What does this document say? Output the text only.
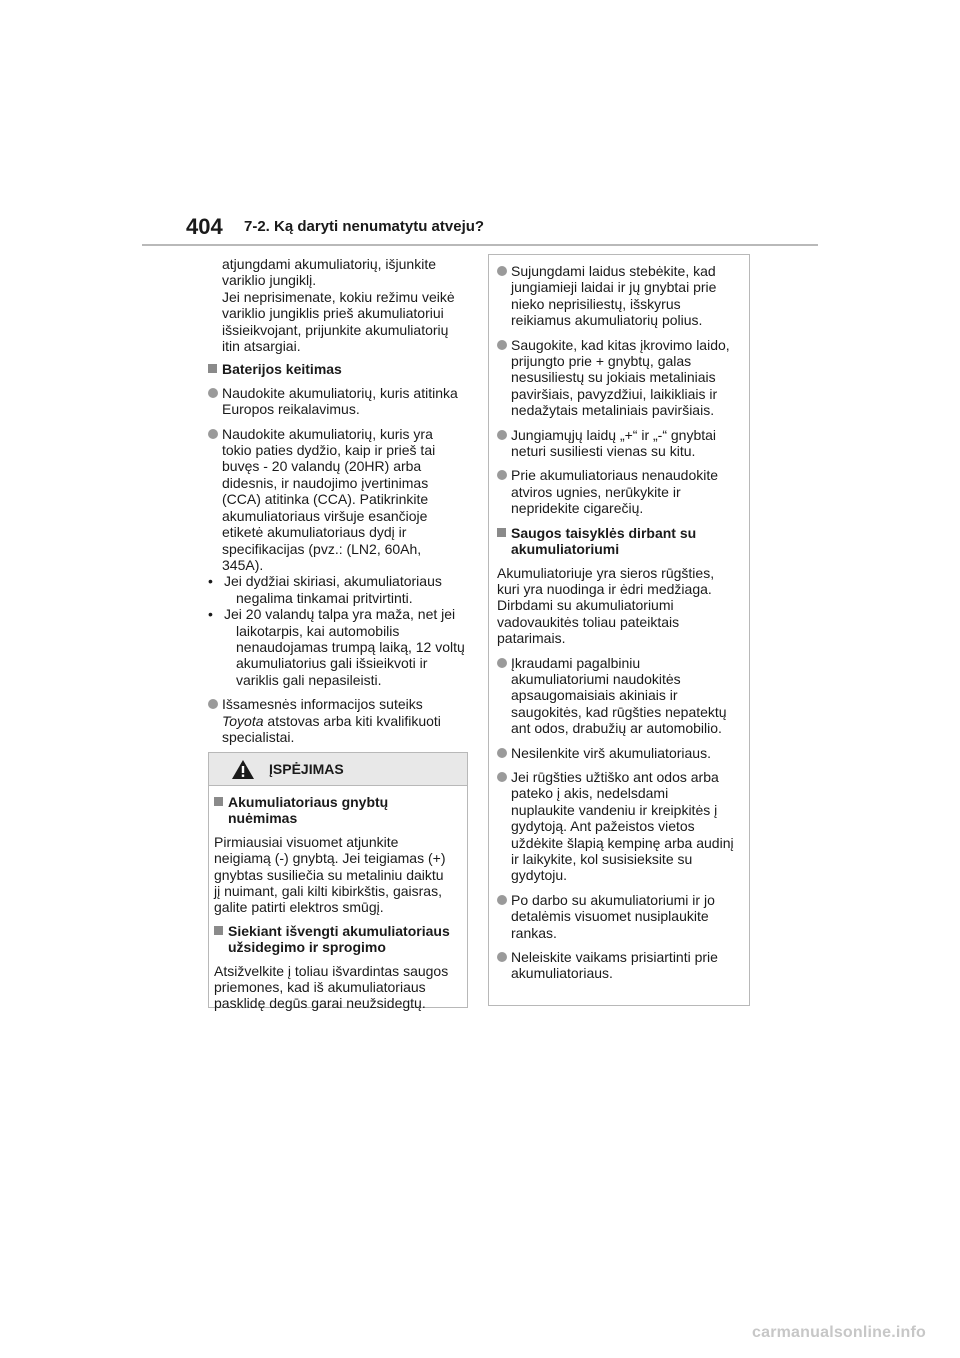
404 7-2. Ką daryti nenumatytu atveju?
atjungdami akumuliatorių, išjunkite
variklio jungiklį.
Jei neprisimenate, kokiu režimu veikė
variklio jungiklis prieš akumuliatoriui
išsieikvojant, prijunkite akumuliatorių
itin atsargiai.
Baterijos keitimas
Naudokite akumuliatorių, kuris atitinka
Europos reikalavimus.
Naudokite akumuliatorių, kuris yra
tokio paties dydžio, kaip ir prieš tai
buvęs - 20 valandų (20HR) arba
didesnis, ir naudojimo įvertinimas
(CCA) atitinka (CCA). Patikrinkite
akumuliatoriaus viršuje esančioje
etiketė akumuliatoriaus dydį ir
specifikacijas (pvz.: (LN2, 60Ah,
345A).
• Jei dydžiai skiriasi, akumuliatoriaus
negalima tinkamai pritvirtinti.
• Jei 20 valandų talpa yra maža, net jei
laikotarpis, kai automobilis
nenaudojamas trumpą laiką, 12 voltų
akumuliatorius gali išsieikvoti ir
variklis gali nepasileisti.
Išsamesnės informacijos suteiks
Toyota atstovas arba kiti kvalifikuoti
specialistai.
ĮSPĖJIMAS
Akumuliatoriaus gnybtų
nuėmimas
Pirmiausiai visuomet atjunkite
neigiamą (-) gnybtą. Jei teigiamas (+)
gnybtas susiliečia su metaliniu daiktu
jį nuimant, gali kilti kibirkštis, gaisras,
galite patirti elektros smūgį.
Siekiant išvengti akumuliatoriaus
užsidegimo ir sprogimo
Atsižvelkite į toliau išvardintas saugos
priemones, kad iš akumuliatoriaus
pasklidę degūs garai neužsidegtų.
Sujungdami laidus stebėkite, kad
jungiamieji laidai ir jų gnybtai prie
nieko neprisiliestų, išskyrus
reikiamus akumuliatorių polius.
Saugokite, kad kitas įkrovimo laido,
prijungto prie + gnybtų, galas
nesusiliestų su jokiais metaliniais
paviršiais, pavyzdžiui, laikikliais ir
nedažytais metaliniais paviršiais.
Jungiamųjų laidų „+“ ir „-“ gnybtai
neturi susiliesti vienas su kitu.
Prie akumuliatoriaus nenaudokite
atviros ugnies, nerūkykite ir
nepridekite cigarečių.
Saugos taisyklės dirbant su
akumuliatoriumi
Akumuliatoriuje yra sieros rūgšties,
kuri yra nuodinga ir ėdri medžiaga.
Dirbdami su akumuliatoriumi
vadovaukitės toliau pateiktais
patarimais.
Įkraudami pagalbiniu
akumuliatoriumi naudokitės
apsaugomaisiais akiniais ir
saugokitės, kad rūgšties nepatektų
ant odos, drabužių ar automobilio.
Nesilenkite virš akumuliatoriaus.
Jei rūgšties užtiško ant odos arba
pateko į akis, nedelsdami
nuplaukite vandeniu ir kreipkitės į
gydytoją. Ant pažeistos vietos
uždėkite šlapią kempinę arba audinį
ir laikykite, kol susisieksite su
gydytoju.
Po darbo su akumuliatoriumi ir jo
detalėmis visuomet nusiplaukite
rankas.
Neleiskite vaikams prisiartinti prie
akumuliatoriaus.
carmanualsonline.info
